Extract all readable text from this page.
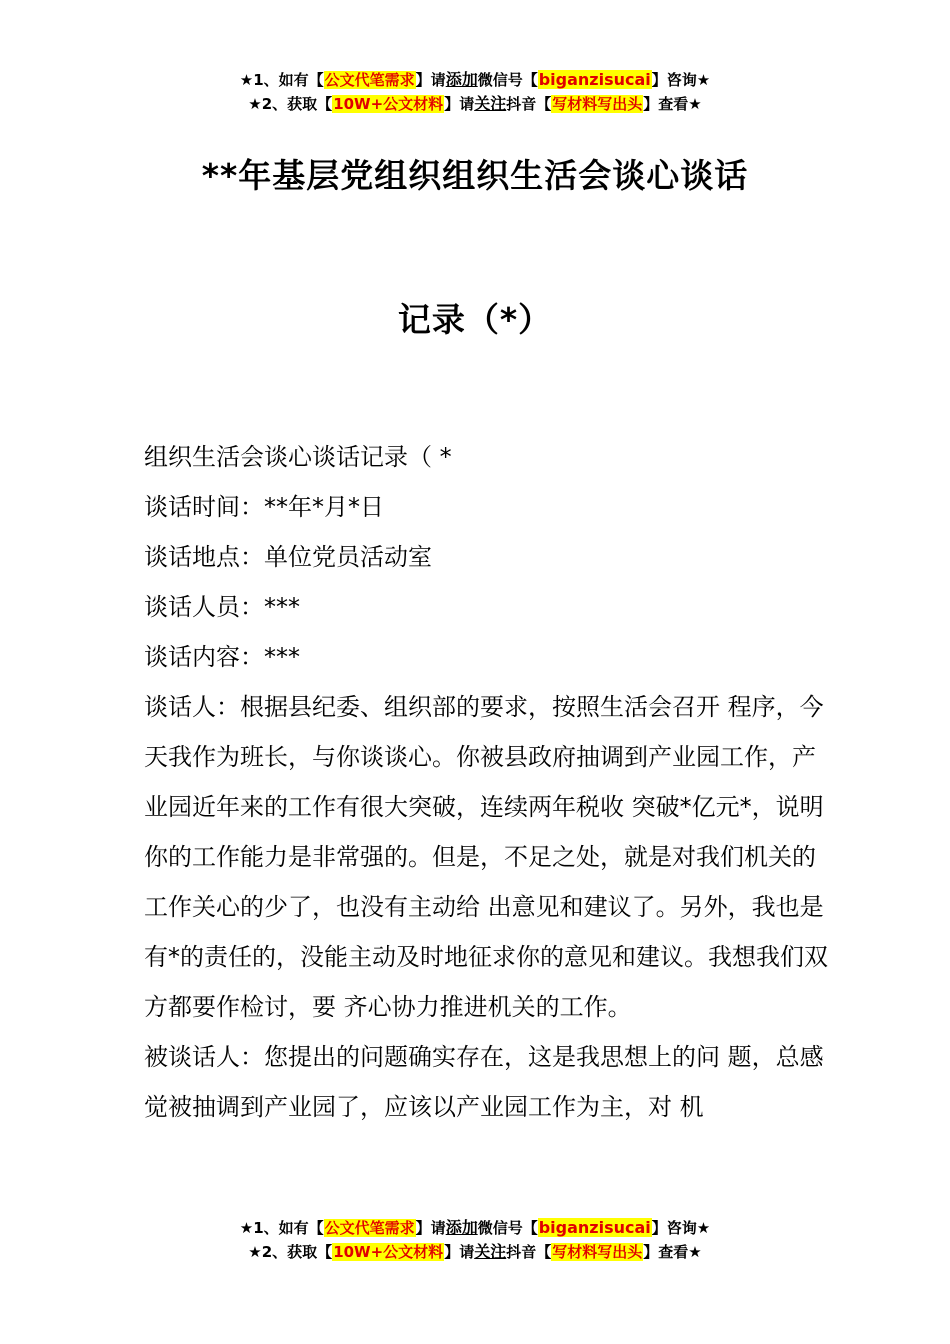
★1、如有【公文代笔需求】请添加微信号【biganzisucai】咨询★
★2、获取【10W+公文材料】请关注抖音【写材料写出头】查看★
**年基层党组织组织生活会谈心谈话
记录（*）

组织生活会谈心谈话记录（ *

谈话时间：**年*月*日

谈话地点：单位党员活动室

谈话人员：***

谈话内容：***

谈话人：根据县纪委、组织部的要求，按照生活会召开 程序，今天我作为班长，与你谈谈心。你被县政府抽调到产业园工作，产业园近年来的工作有很大突破，连续两年税收 突破*亿元*，说明你的工作能力是非常强的。但是，不足之处，就是对我们机关的工作关心的少了，也没有主动给 出意见和建议了。另外，我也是有*的责任的，没能主动及时地征求你的意见和建议。我想我们双方都要作检讨，要 齐心协力推进机关的工作。

被谈话人：您提出的问题确实存在，这是我思想上的问 题，总感觉被抽调到产业园了，应该以产业园工作为主，对 机

★1、如有【公文代笔需求】请添加微信号【biganzisucai】咨询★
★2、获取【10W+公文材料】请关注抖音【写材料写出头】查看★
